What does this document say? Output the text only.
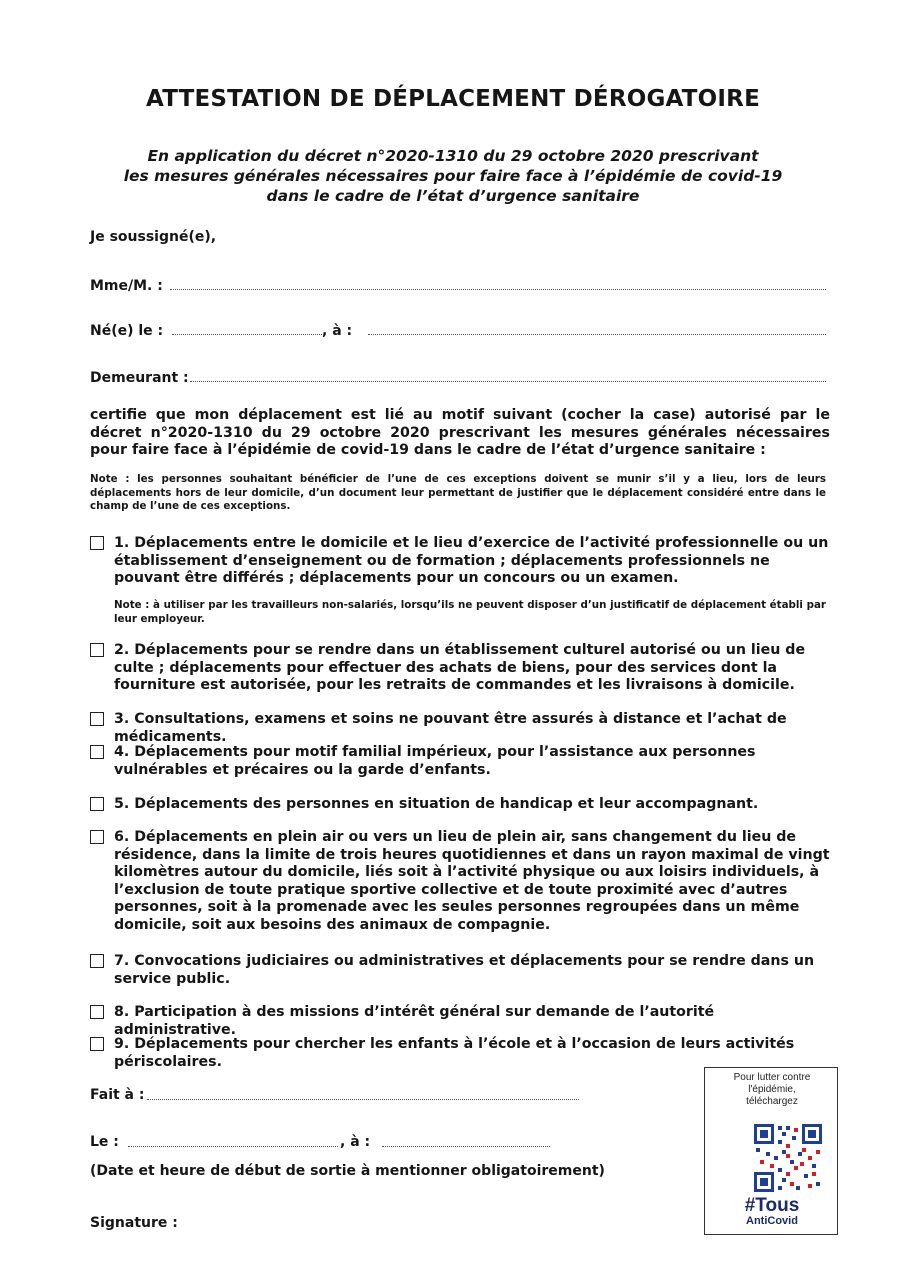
ATTESTATION DE DÉPLACEMENT DÉROGATOIRE
En application du décret n°2020-1310 du 29 octobre 2020 prescrivant
les mesures générales nécessaires pour faire face à l’épidémie de covid-19
dans le cadre de l’état d’urgence sanitaire
Je soussigné(e),
Mme/M. :
Né(e) le :	, à :
Demeurant :
certifie que mon déplacement est lié au motif suivant (cocher la case) autorisé par le décret n°2020-1310 du 29 octobre 2020 prescrivant les mesures générales nécessaires pour faire face à l’épidémie de covid-19 dans le cadre de l’état d’urgence sanitaire :
Note : les personnes souhaitant bénéficier de l’une de ces exceptions doivent se munir s’il y a lieu, lors de leurs déplacements hors de leur domicile, d’un document leur permettant de justifier que le déplacement considéré entre dans le champ de l’une de ces exceptions.
1. Déplacements entre le domicile et le lieu d’exercice de l’activité professionnelle ou un établissement d’enseignement ou de formation ; déplacements professionnels ne pouvant être différés ; déplacements pour un concours ou un examen.
Note : à utiliser par les travailleurs non-salariés, lorsqu’ils ne peuvent disposer d’un justificatif de déplacement établi par leur employeur.
2. Déplacements pour se rendre dans un établissement culturel autorisé ou un lieu de culte ; déplacements pour effectuer des achats de biens, pour des services dont la fourniture est autorisée, pour les retraits de commandes et les livraisons à domicile.
3. Consultations, examens et soins ne pouvant être assurés à distance et l’achat de médicaments.
4. Déplacements pour motif familial impérieux, pour l’assistance aux personnes vulnérables et précaires ou la garde d’enfants.
5. Déplacements des personnes en situation de handicap et leur accompagnant.
6. Déplacements en plein air ou vers un lieu de plein air, sans changement du lieu de résidence, dans la limite de trois heures quotidiennes et dans un rayon maximal de vingt kilomètres autour du domicile, liés soit à l’activité physique ou aux loisirs individuels, à l’exclusion de toute pratique sportive collective et de toute proximité avec d’autres personnes, soit à la promenade avec les seules personnes regroupées dans un même domicile, soit aux besoins des animaux de compagnie.
7. Convocations judiciaires ou administratives et déplacements pour se rendre dans un service public.
8. Participation à des missions d’intérêt général sur demande de l’autorité administrative.
9. Déplacements pour chercher les enfants à l’école et à l’occasion de leurs activités périscolaires.
Fait à :
Le :	, à :
(Date et heure de début de sortie à mentionner obligatoirement)
Signature :
Pour lutter contre
l'épidémie,
téléchargez
#Tous
AntiCovid
